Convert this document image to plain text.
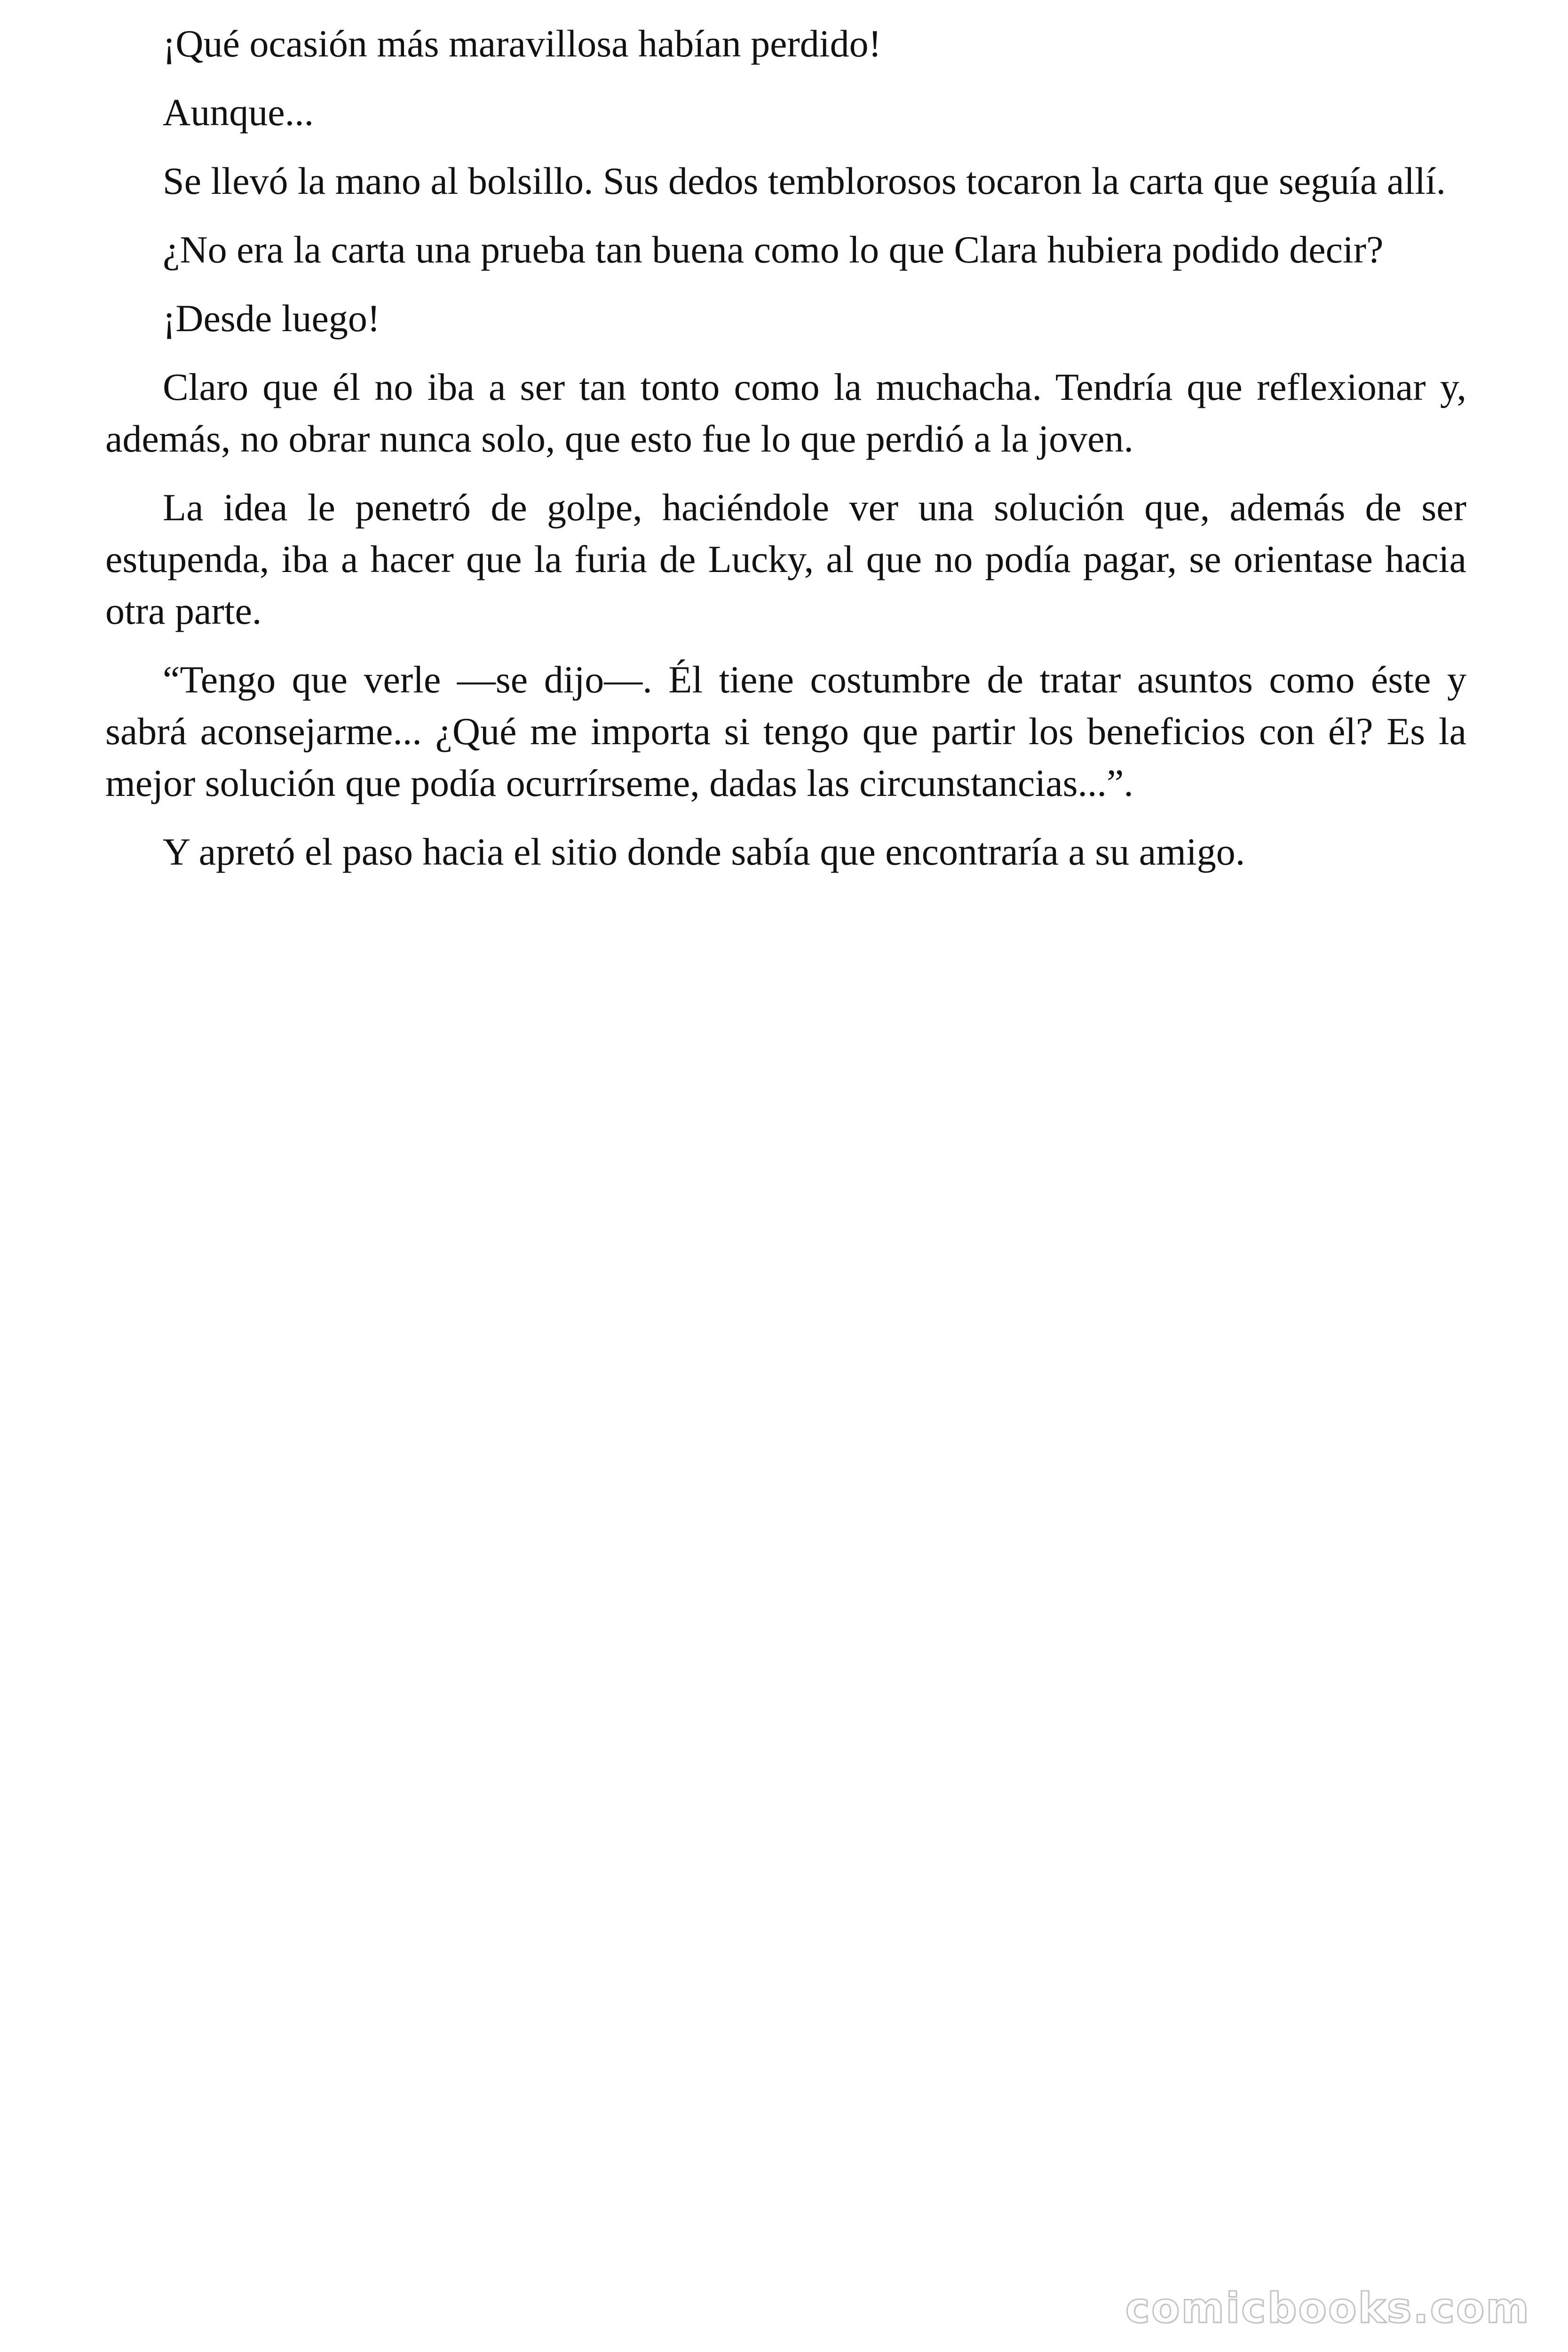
¡Qué ocasión más maravillosa habían perdido!

Aunque...

Se llevó la mano al bolsillo. Sus dedos temblorosos tocaron la carta que seguía allí.

¿No era la carta una prueba tan buena como lo que Clara hubiera podido decir?

¡Desde luego!

Claro que él no iba a ser tan tonto como la muchacha. Tendría que reflexionar y, además, no obrar nunca solo, que esto fue lo que perdió a la joven.

La idea le penetró de golpe, haciéndole ver una solución que, además de ser estupenda, iba a hacer que la furia de Lucky, al que no podía pagar, se orientase hacia otra parte.

“Tengo que verle —se dijo—. Él tiene costumbre de tratar asuntos como éste y sabrá aconsejarme... ¿Qué me importa si tengo que partir los beneficios con él? Es la mejor solución que podía ocurrírseme, dadas las circunstancias...”.

Y apretó el paso hacia el sitio donde sabía que encontraría a su amigo.

comicbooks.com
